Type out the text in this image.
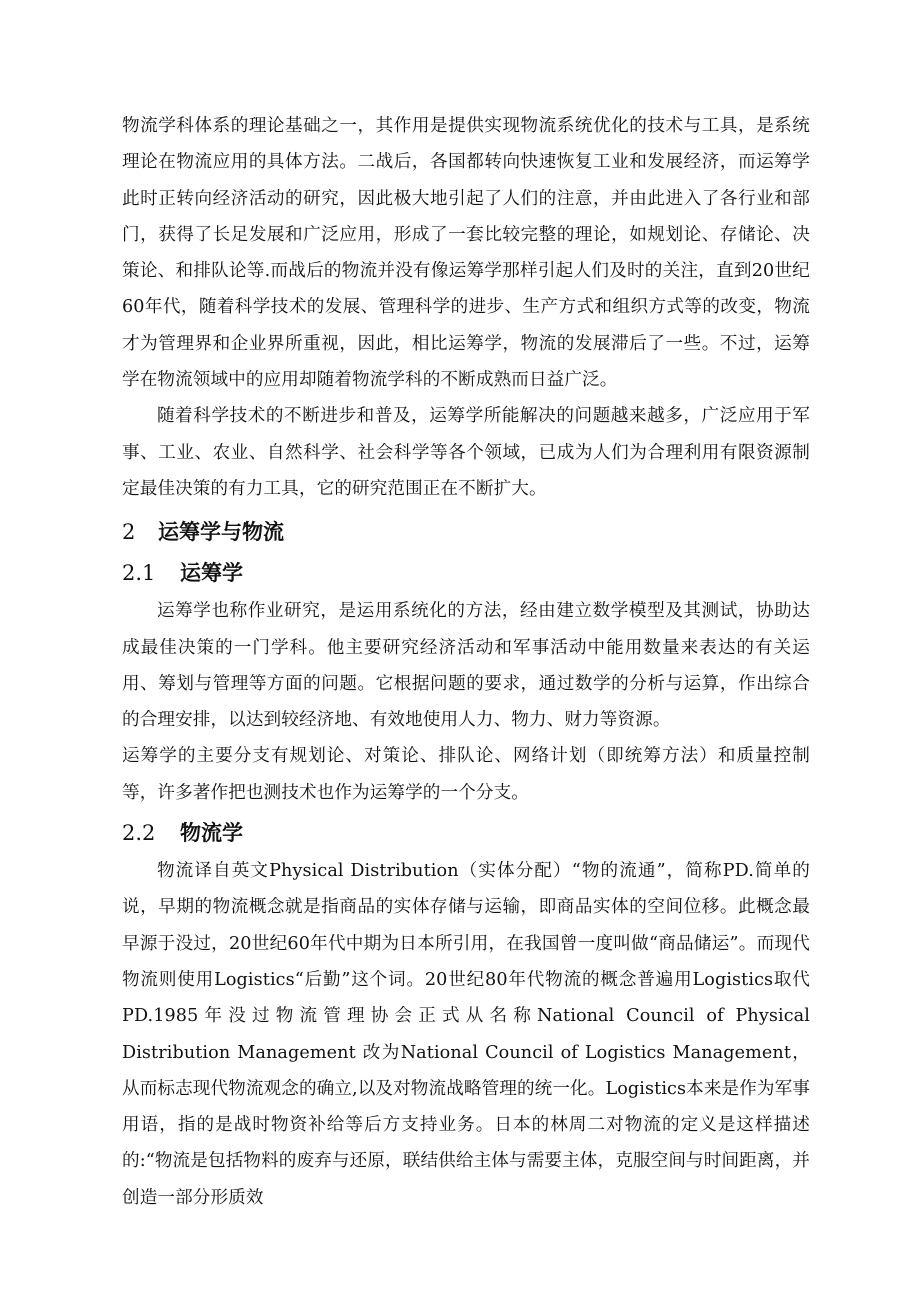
物流学科体系的理论基础之一，其作用是提供实现物流系统优化的技术与工具，是系统理论在物流应用的具体方法。二战后，各国都转向快速恢复工业和发展经济，而运筹学此时正转向经济活动的研究，因此极大地引起了人们的注意，并由此进入了各行业和部门，获得了长足发展和广泛应用，形成了一套比较完整的理论，如规划论、存储论、决策论、和排队论等.而战后的物流并没有像运筹学那样引起人们及时的关注，直到20世纪60年代，随着科学技术的发展、管理科学的进步、生产方式和组织方式等的改变，物流才为管理界和企业界所重视，因此，相比运筹学，物流的发展滞后了一些。不过，运筹学在物流领域中的应用却随着物流学科的不断成熟而日益广泛。

随着科学技术的不断进步和普及，运筹学所能解决的问题越来越多，广泛应用于军事、工业、农业、自然科学、社会科学等各个领域，已成为人们为合理利用有限资源制定最佳决策的有力工具，它的研究范围正在不断扩大。

2 运筹学与物流
2.1 运筹学

运筹学也称作业研究，是运用系统化的方法，经由建立数学模型及其测试，协助达成最佳决策的一门学科。他主要研究经济活动和军事活动中能用数量来表达的有关运用、筹划与管理等方面的问题。它根据问题的要求，通过数学的分析与运算，作出综合的合理安排，以达到较经济地、有效地使用人力、物力、财力等资源。

运筹学的主要分支有规划论、对策论、排队论、网络计划（即统筹方法）和质量控制等，许多著作把也测技术也作为运筹学的一个分支。

2.2 物流学

物流译自英文Physical Distribution（实体分配）“物的流通”，简称PD.简单的说，早期的物流概念就是指商品的实体存储与运输，即商品实体的空间位移。此概念最早源于没过，20世纪60年代中期为日本所引用，在我国曾一度叫做“商品储运”。而现代物流则使用Logistics“后勤”这个词。20世纪80年代物流的概念普遍用Logistics取代PD.1985年没过物流管理协会正式从名称National Council of Physical Distribution Management 改为National Council of Logistics Management，从而标志现代物流观念的确立,以及对物流战略管理的统一化。Logistics本来是作为军事用语，指的是战时物资补给等后方支持业务。日本的林周二对物流的定义是这样描述的:“物流是包括物料的废弃与还原，联结供给主体与需要主体，克服空间与时间距离，并创造一部分形质效
